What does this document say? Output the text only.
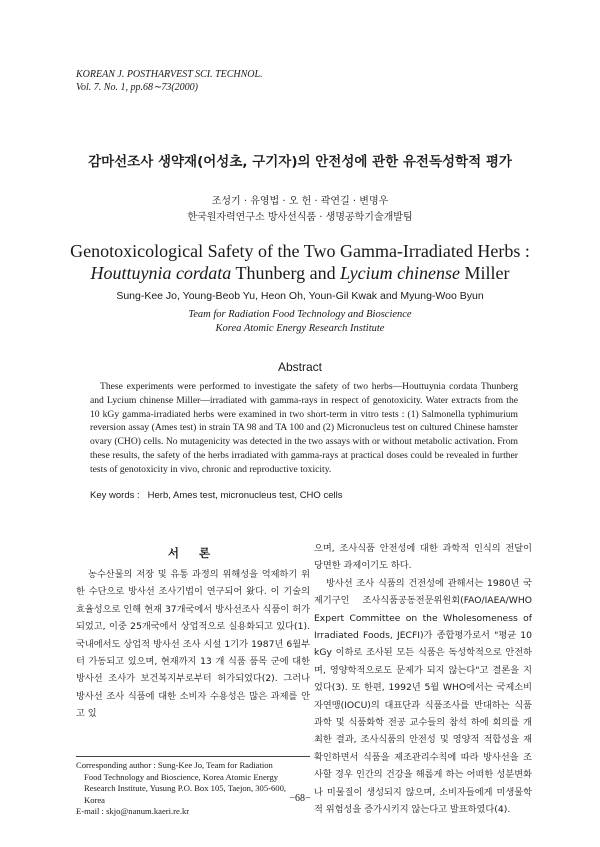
KOREAN J. POSTHARVEST SCI. TECHNOL.
Vol. 7. No. 1, pp.68∼73(2000)
감마선조사 생약재(어성초, 구기자)의 안전성에 관한 유전독성학적 평가
조성기 · 유영법 · 오 헌 · 곽연길 · 변명우
한국원자력연구소 방사선식품 · 생명공학기술개발팀
Genotoxicological Safety of the Two Gamma-Irradiated Herbs :
Houttuynia cordata Thunberg and Lycium chinense Miller
Sung-Kee Jo, Young-Beob Yu, Heon Oh, Youn-Gil Kwak and Myung-Woo Byun
Team for Radiation Food Technology and Bioscience
Korea Atomic Energy Research Institute
Abstract
These experiments were performed to investigate the safety of two herbs—Houttuynia cordata Thunberg and Lycium chinense Miller—irradiated with gamma-rays in respect of genotoxicity. Water extracts from the 10 kGy gamma-irradiated herbs were examined in two short-term in vitro tests : (1) Salmonella typhimurium reversion assay (Ames test) in strain TA 98 and TA 100 and (2) Micronucleus test on cultured Chinese hamster ovary (CHO) cells. No mutagenicity was detected in the two assays with or without metabolic activation. From these results, the safety of the herbs irradiated with gamma-rays at practical doses could be revealed in further tests of genotoxicity in vivo, chronic and reproductive toxicity.
Key words : Herb, Ames test, micronucleus test, CHO cells
서 론

농수산물의 저장 및 유통 과정의 위해성을 억제하기 위한 수단으로 방사선 조사기법이 연구되어 왔다. 이 기술의 효율성으로 인해 현재 37개국에서 방사선조사 식품이 허가되었고, 이중 25개국에서 상업적으로 실용화되고 있다(1). 국내에서도 상업적 방사선 조사 시설 1기가 1987년 6월부터 가동되고 있으며, 현재까지 13 개 식품 품목 군에 대한 방사선 조사가 보건복지부로부터 허가되었다(2). 그러나 방사선 조사 식품에 대한 소비자 수용성은 많은 과제를 안고 있

으며, 조사식품 안전성에 대한 과학적 인식의 전달이 당면한 과제이기도 하다.

방사선 조사 식품의 건전성에 관해서는 1980년 국제기구인 조사식품공동전문위원회(FAO/IAEA/WHO Expert Committee on the Wholesomeness of Irradiated Foods, JECFI)가 종합평가로서 "평균 10 kGy 이하로 조사된 모든 식품은 독성학적으로 안전하며, 영양학적으로도 문제가 되지 않는다"고 결론을 지었다(3). 또 한편, 1992년 5월 WHO에서는 국제소비자연맹(IOCU)의 대표단과 식품조사를 반대하는 식품과학 및 식품화학 전공 교수들의 참석 하에 회의를 개최한 결과, 조사식품의 안전성 및 영양적 적합성을 재확인하면서 식품을 제조관리수칙에 따라 방사선을 조사할 경우 인간의 건강을 해롭게 하는 어떠한 성분변화나 미물질이 생성되지 않으며, 소비자들에게 미생물학적 위험성을 증가시키지 않는다고 발표하였다(4).

Corresponding author : Sung-Kee Jo, Team for Radiation
Food Technology and Bioscience, Korea Atomic Energy
Research Institute, Yusung P.O. Box 105, Taejon, 305-600,
Korea
E-mail : skjo@nanum.kaeri.re.kr
−68−
